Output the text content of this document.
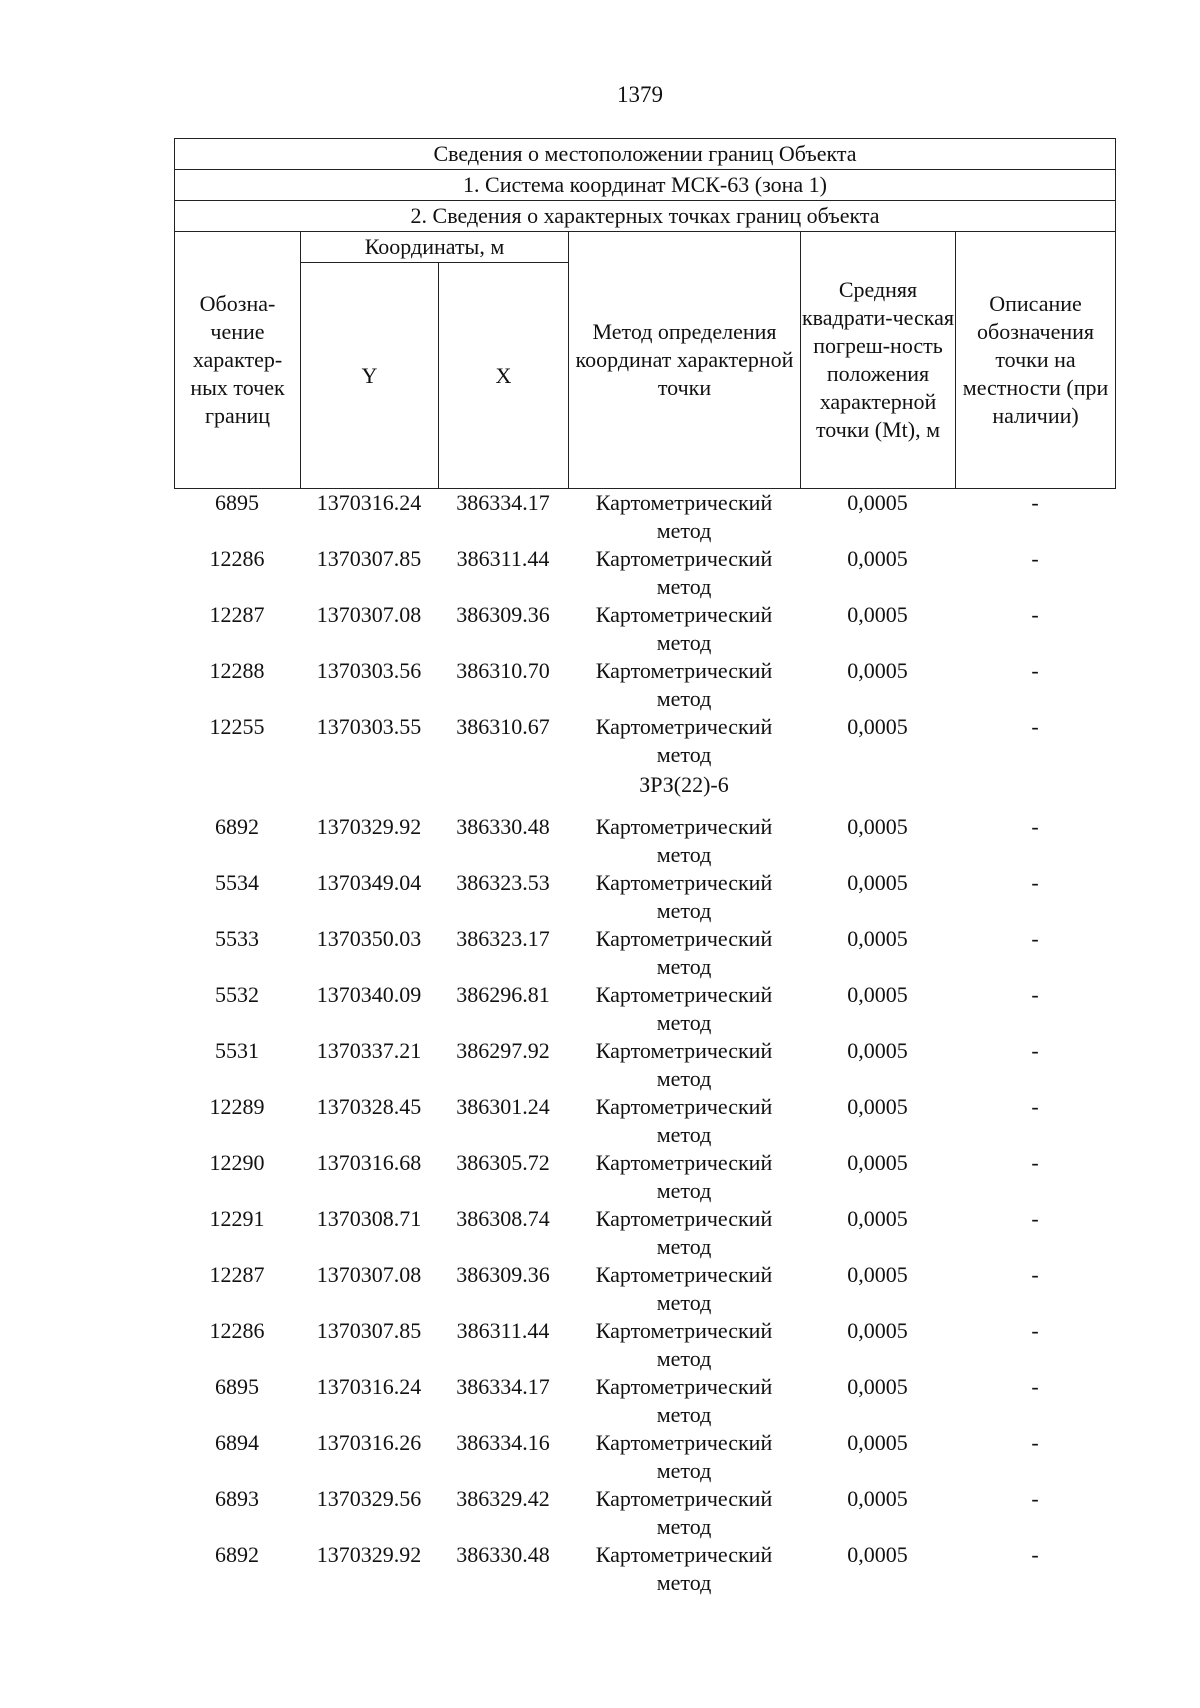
1379
Сведения о местоположении границ Объекта					
1. Система координат МСК-63 (зона 1)					
2. Сведения о характерных точках границ объекта					
Обозна-чение характер-ных точек границ	Координаты, м		Метод определения координат характерной точки	Средняя квадрати-ческая погреш-ность положения характерной точки (Mt), м	Описание обозначения точки на местности (при наличии)
	Y	X			
6895	1370316.24	386334.17	Картометрический метод	0,0005	-
12286	1370307.85	386311.44	Картометрический метод	0,0005	-
12287	1370307.08	386309.36	Картометрический метод	0,0005	-
12288	1370303.56	386310.70	Картометрический метод	0,0005	-
12255	1370303.55	386310.67	Картометрический метод	0,0005	-
			ЗРЗ(22)-6		
6892	1370329.92	386330.48	Картометрический метод	0,0005	-
5534	1370349.04	386323.53	Картометрический метод	0,0005	-
5533	1370350.03	386323.17	Картометрический метод	0,0005	-
5532	1370340.09	386296.81	Картометрический метод	0,0005	-
5531	1370337.21	386297.92	Картометрический метод	0,0005	-
12289	1370328.45	386301.24	Картометрический метод	0,0005	-
12290	1370316.68	386305.72	Картометрический метод	0,0005	-
12291	1370308.71	386308.74	Картометрический метод	0,0005	-
12287	1370307.08	386309.36	Картометрический метод	0,0005	-
12286	1370307.85	386311.44	Картометрический метод	0,0005	-
6895	1370316.24	386334.17	Картометрический метод	0,0005	-
6894	1370316.26	386334.16	Картометрический метод	0,0005	-
6893	1370329.56	386329.42	Картометрический метод	0,0005	-
6892	1370329.92	386330.48	Картометрический метод	0,0005	-
